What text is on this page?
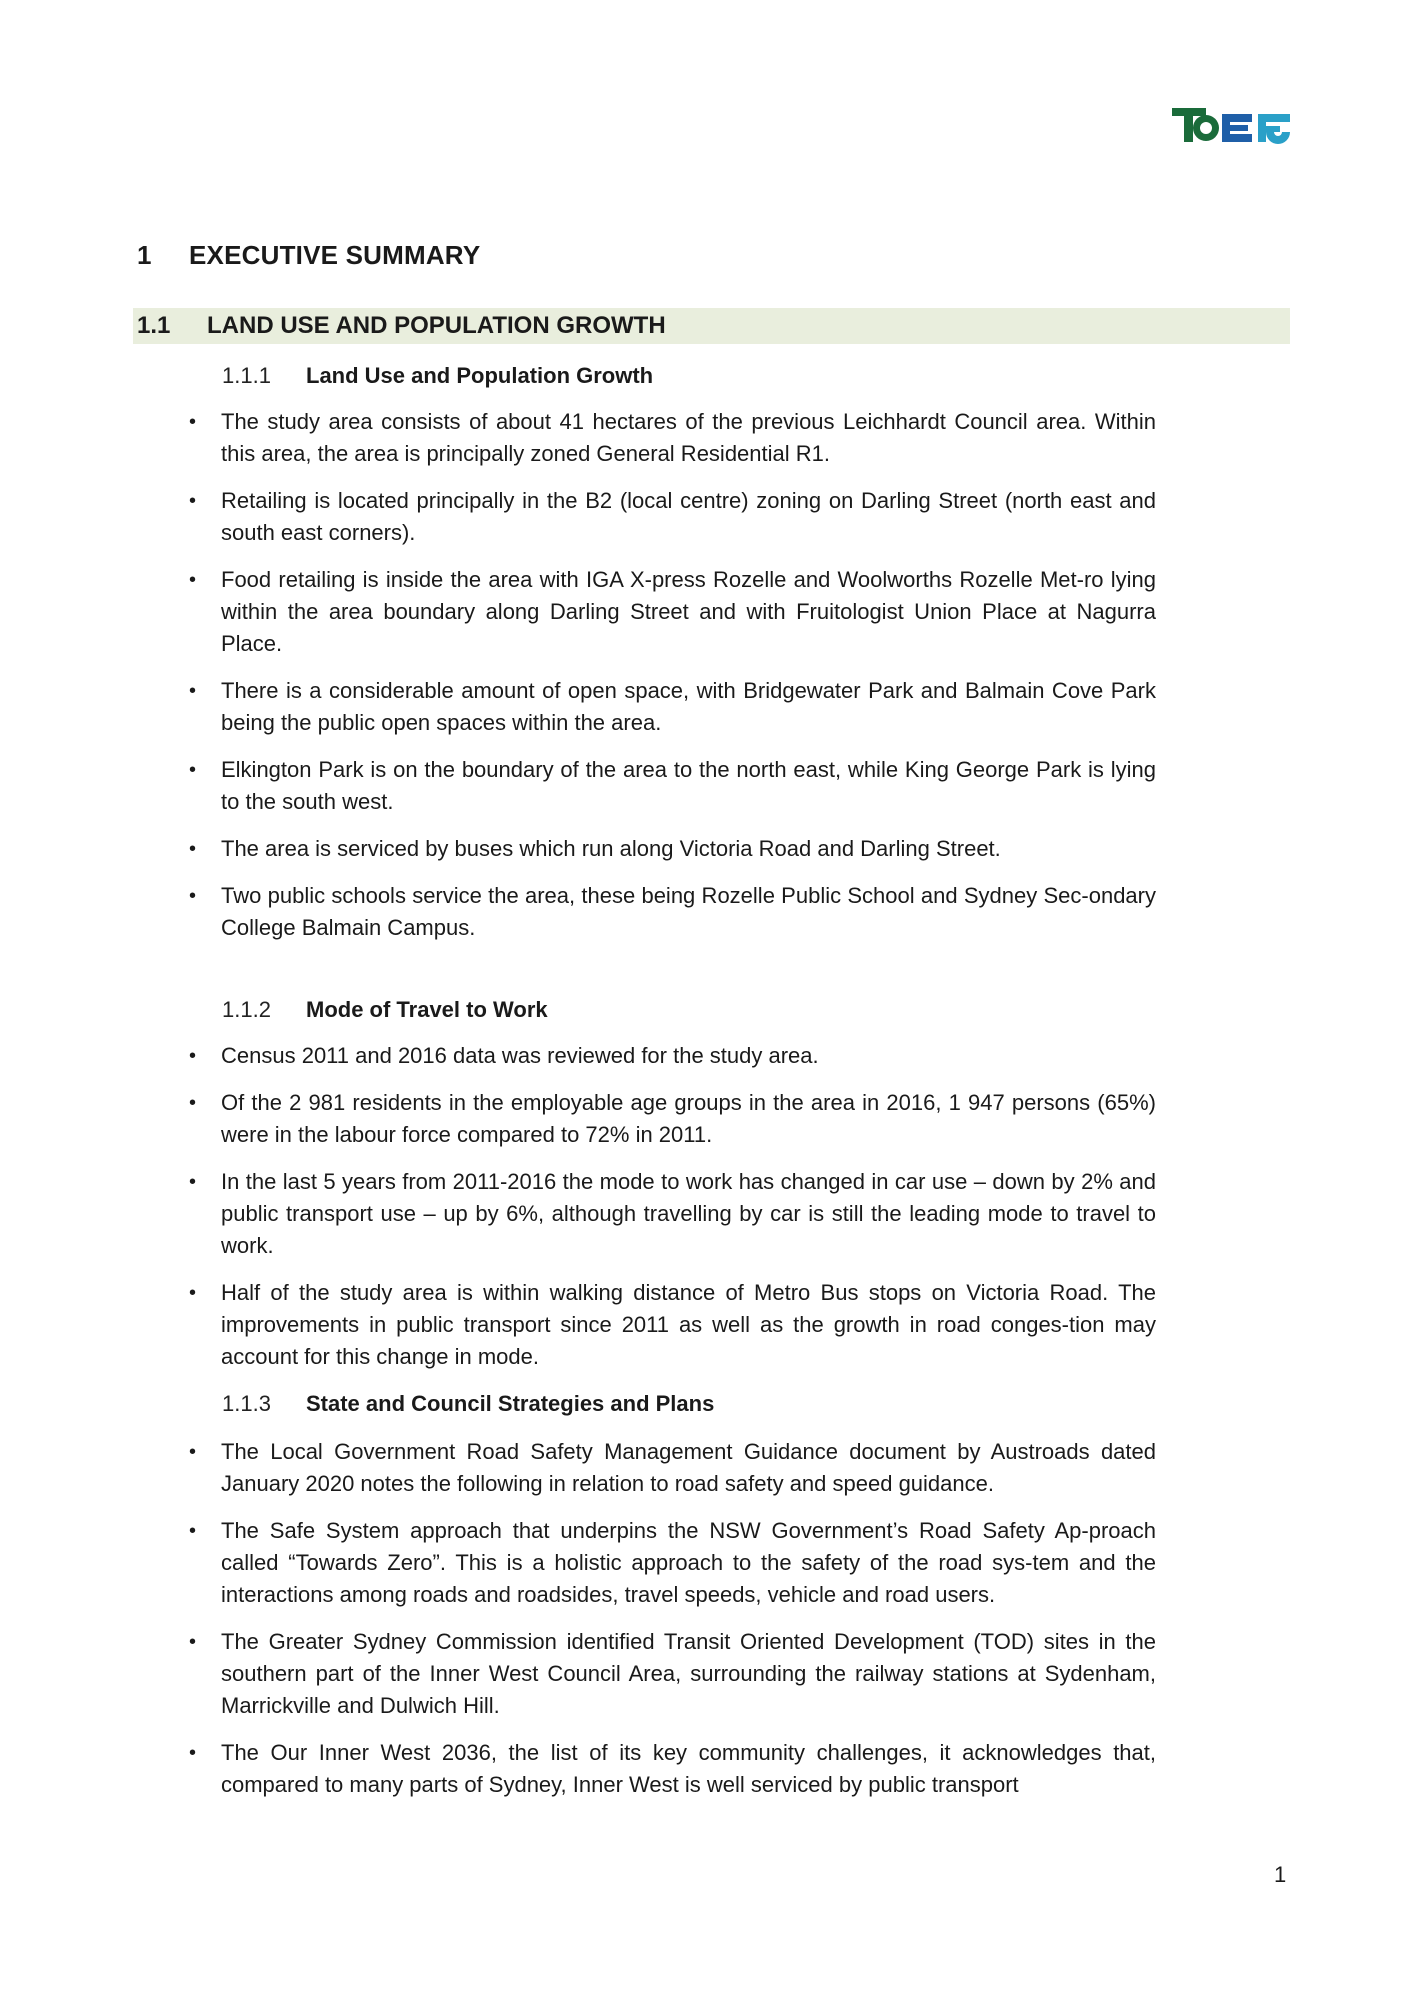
1 EXECUTIVE SUMMARY
1.1 LAND USE AND POPULATION GROWTH
1.1.1 Land Use and Population Growth
• The study area consists of about 41 hectares of the previous Leichhardt Council area. Within this area, the area is principally zoned General Residential R1.
• Retailing is located principally in the B2 (local centre) zoning on Darling Street (north east and south east corners).
• Food retailing is inside the area with IGA X-press Rozelle and Woolworths Rozelle Met-ro lying within the area boundary along Darling Street and with Fruitologist Union Place at Nagurra Place.
• There is a considerable amount of open space, with Bridgewater Park and Balmain Cove Park being the public open spaces within the area.
• Elkington Park is on the boundary of the area to the north east, while King George Park is lying to the south west.
• The area is serviced by buses which run along Victoria Road and Darling Street.
• Two public schools service the area, these being Rozelle Public School and Sydney Sec-ondary College Balmain Campus.
1.1.2 Mode of Travel to Work
• Census 2011 and 2016 data was reviewed for the study area.
• Of the 2 981 residents in the employable age groups in the area in 2016, 1 947 persons (65%) were in the labour force compared to 72% in 2011.
• In the last 5 years from 2011-2016 the mode to work has changed in car use – down by 2% and public transport use – up by 6%, although travelling by car is still the leading mode to travel to work.
• Half of the study area is within walking distance of Metro Bus stops on Victoria Road. The improvements in public transport since 2011 as well as the growth in road conges-tion may account for this change in mode.
1.1.3 State and Council Strategies and Plans
• The Local Government Road Safety Management Guidance document by Austroads dated January 2020 notes the following in relation to road safety and speed guidance.
• The Safe System approach that underpins the NSW Government’s Road Safety Ap-proach called “Towards Zero”. This is a holistic approach to the safety of the road sys-tem and the interactions among roads and roadsides, travel speeds, vehicle and road users.
• The Greater Sydney Commission identified Transit Oriented Development (TOD) sites in the southern part of the Inner West Council Area, surrounding the railway stations at Sydenham, Marrickville and Dulwich Hill.
• The Our Inner West 2036, the list of its key community challenges, it acknowledges that, compared to many parts of Sydney, Inner West is well serviced by public transport
1
